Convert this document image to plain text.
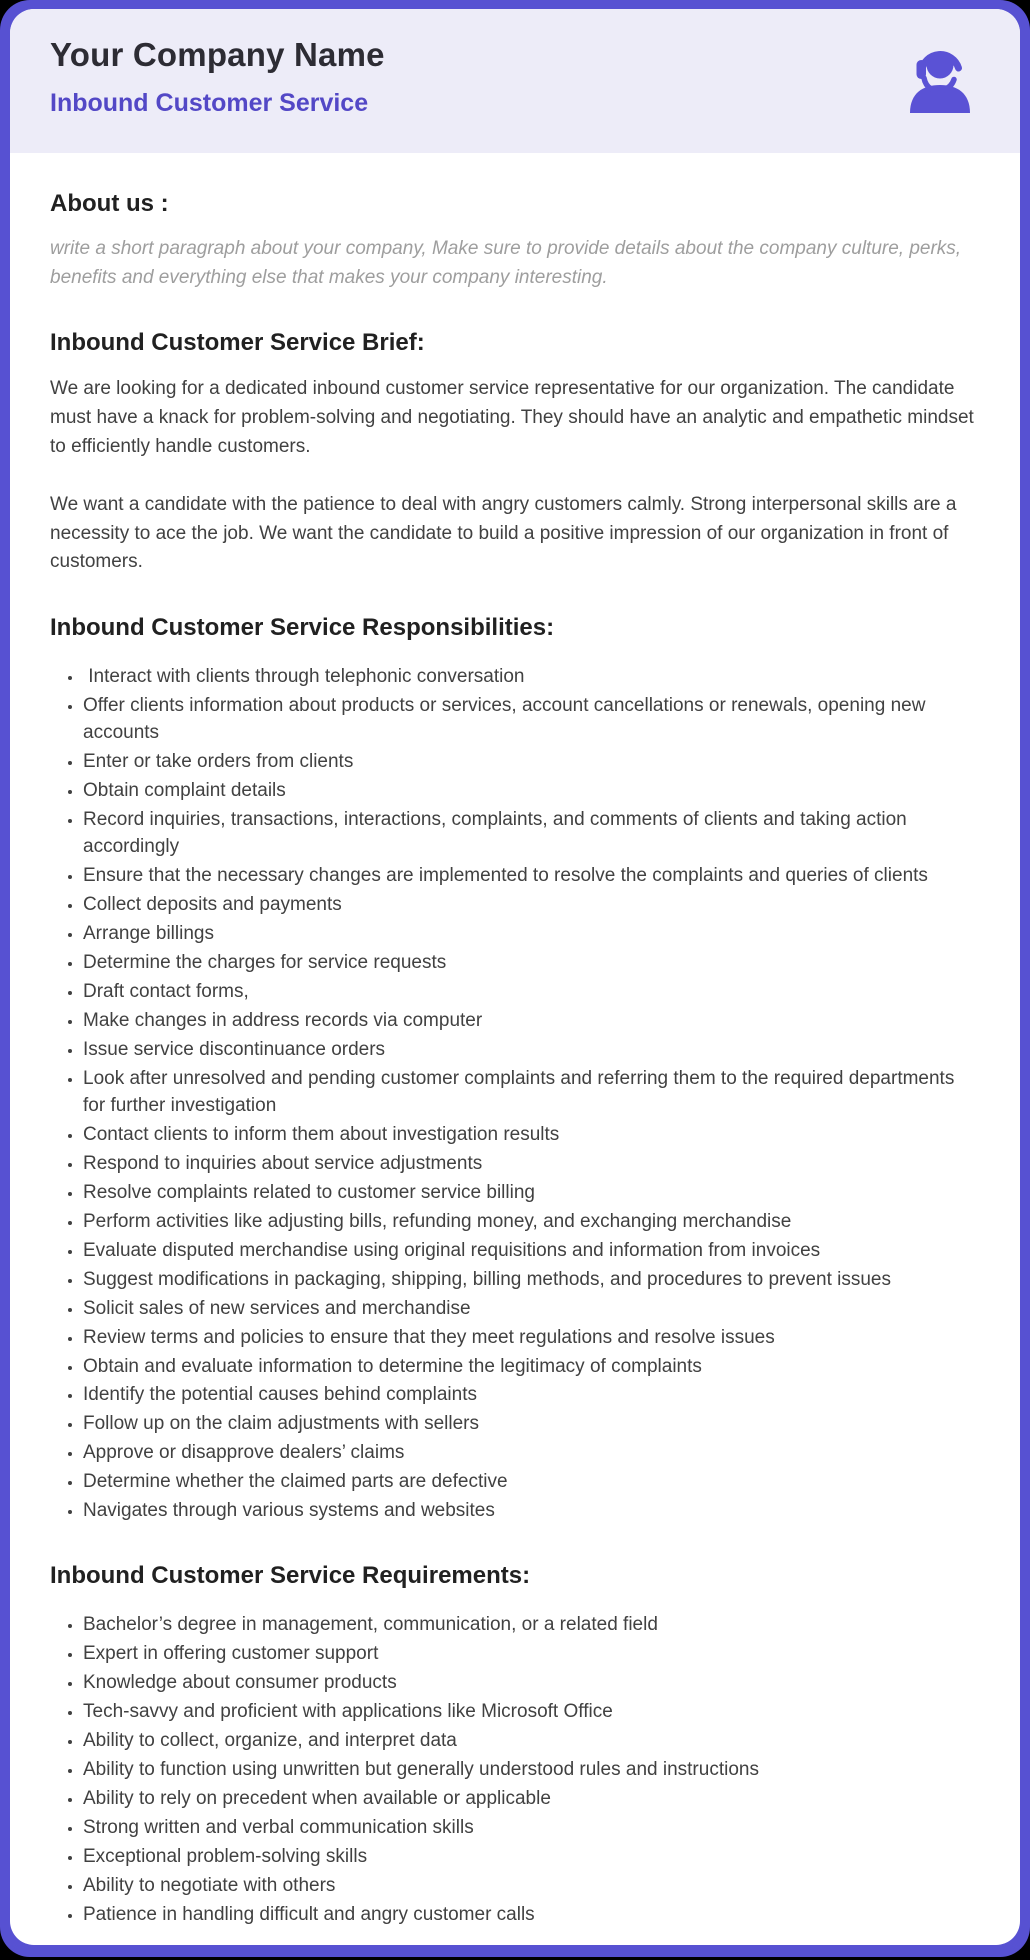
Your Company Name
Inbound Customer Service
About us :

write a short paragraph about your company, Make sure to provide details about the company culture, perks, benefits and everything else that makes your company interesting.

Inbound Customer Service Brief:

We are looking for a dedicated inbound customer service representative for our organization. The candidate must have a knack for problem-solving and negotiating. They should have an analytic and empathetic mindset to efficiently handle customers.

We want a candidate with the patience to deal with angry customers calmly. Strong interpersonal skills are a necessity to ace the job. We want the candidate to build a positive impression of our organization in front of customers.

Inbound Customer Service Responsibilities:
•  Interact with clients through telephonic conversation
• Offer clients information about products or services, account cancellations or renewals, opening new accounts
• Enter or take orders from clients
• Obtain complaint details
• Record inquiries, transactions, interactions, complaints, and comments of clients and taking action accordingly
• Ensure that the necessary changes are implemented to resolve the complaints and queries of clients
• Collect deposits and payments
• Arrange billings
• Determine the charges for service requests
• Draft contact forms,
• Make changes in address records via computer
• Issue service discontinuance orders
• Look after unresolved and pending customer complaints and referring them to the required departments for further investigation
• Contact clients to inform them about investigation results
• Respond to inquiries about service adjustments
• Resolve complaints related to customer service billing
• Perform activities like adjusting bills, refunding money, and exchanging merchandise
• Evaluate disputed merchandise using original requisitions and information from invoices
• Suggest modifications in packaging, shipping, billing methods, and procedures to prevent issues
• Solicit sales of new services and merchandise
• Review terms and policies to ensure that they meet regulations and resolve issues
• Obtain and evaluate information to determine the legitimacy of complaints
• Identify the potential causes behind complaints
• Follow up on the claim adjustments with sellers
• Approve or disapprove dealers’ claims
• Determine whether the claimed parts are defective
• Navigates through various systems and websites
Inbound Customer Service Requirements:
• Bachelor’s degree in management, communication, or a related field
• Expert in offering customer support
• Knowledge about consumer products
• Tech-savvy and proficient with applications like Microsoft Office
• Ability to collect, organize, and interpret data
• Ability to function using unwritten but generally understood rules and instructions
• Ability to rely on precedent when available or applicable
• Strong written and verbal communication skills
• Exceptional problem-solving skills
• Ability to negotiate with others
• Patience in handling difficult and angry customer calls
